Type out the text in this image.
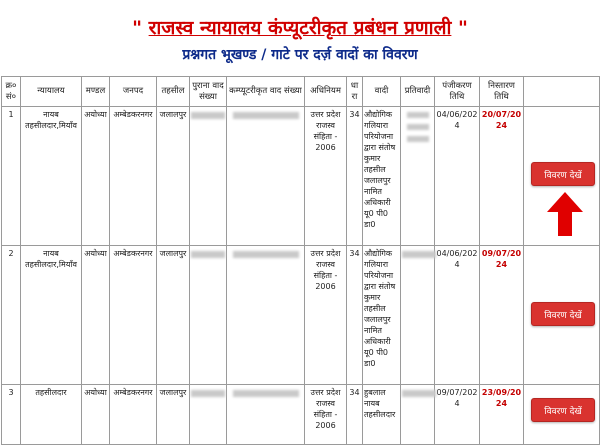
" राजस्व न्यायालय कंप्यूटरीकृत प्रबंधन प्रणाली "
प्रश्नगत भूखण्ड / गाटे पर दर्ज़ वादों का विवरण
क्र० सं०	न्यायालय	मण्डल	जनपद	तहसील	पुराना वाद संख्या	कम्प्यूटरीकृत वाद संख्या	अधिनियम	धारा	वादी	प्रतिवादी	पंजीकरण तिथि	निस्तारण तिथि	
1	नायब तहसीलदार,मियाँव	अयोध्या	अम्बेडकरनगर	जलालपुर			उत्तर प्रदेश राजस्व संहिता - 2006	34	औद्योगिक गलियारा परियोजना द्वारा संतोष कुमार तहसील जलालपुर नामित अधिकारी यू0 पी0 डा0		04/06/2024	20/07/2024	
2	नायब तहसीलदार,मियाँव	अयोध्या	अम्बेडकरनगर	जलालपुर			उत्तर प्रदेश राजस्व संहिता - 2006	34	औद्योगिक गलियारा परियोजना द्वारा संतोष कुमार तहसील जलालपुर नामित अधिकारी यू0 पी0 डा0		04/06/2024	09/07/2024	
3	तहसीलदार	अयोध्या	अम्बेडकरनगर	जलालपुर			उत्तर प्रदेश राजस्व संहिता - 2006	34	हुबलाल नायब तहसीलदार		09/07/2024	23/09/2024	
विवरण देखें
विवरण देखें
विवरण देखें
